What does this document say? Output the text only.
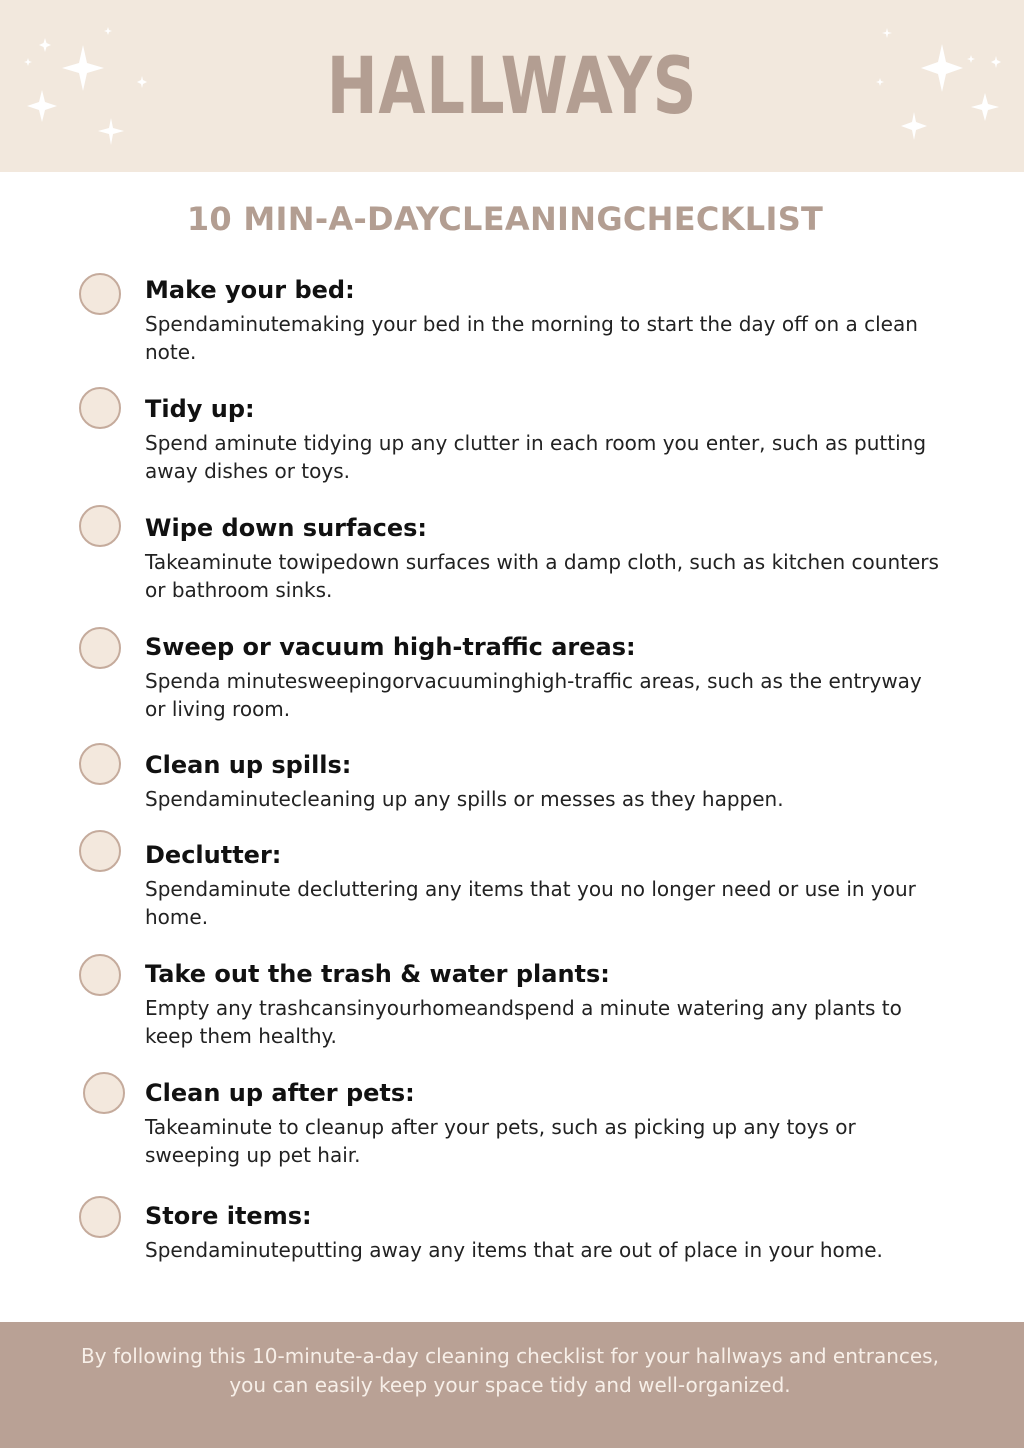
HALLWAYS
10 MIN-A-DAYCLEANINGCHECKLIST
Make your bed:
Spendaminutemaking your bed in the morning to start the day off on a clean note.
Tidy up:
Spend aminute tidying up any clutter in each room you enter, such as putting away dishes or toys.
Wipe down surfaces:
Takeaminute towipedown surfaces with a damp cloth, such as kitchen counters or bathroom sinks.
Sweep or vacuum high-traffic areas:
Spenda minutesweepingorvacuuminghigh-traffic areas, such as the entryway or living room.
Clean up spills:
Spendaminutecleaning up any spills or messes as they happen.
Declutter:
Spendaminute decluttering any items that you no longer need or use in your home.
Take out the trash & water plants:
Empty any trashcansinyourhomeandspend a minute watering any plants to keep them healthy.
Clean up after pets:
Takeaminute to cleanup after your pets, such as picking up any toys or sweeping up pet hair.
Store items:
Spendaminuteputting away any items that are out of place in your home.
By following this 10-minute-a-day cleaning checklist for your hallways and entrances, you can easily keep your space tidy and well-organized.
